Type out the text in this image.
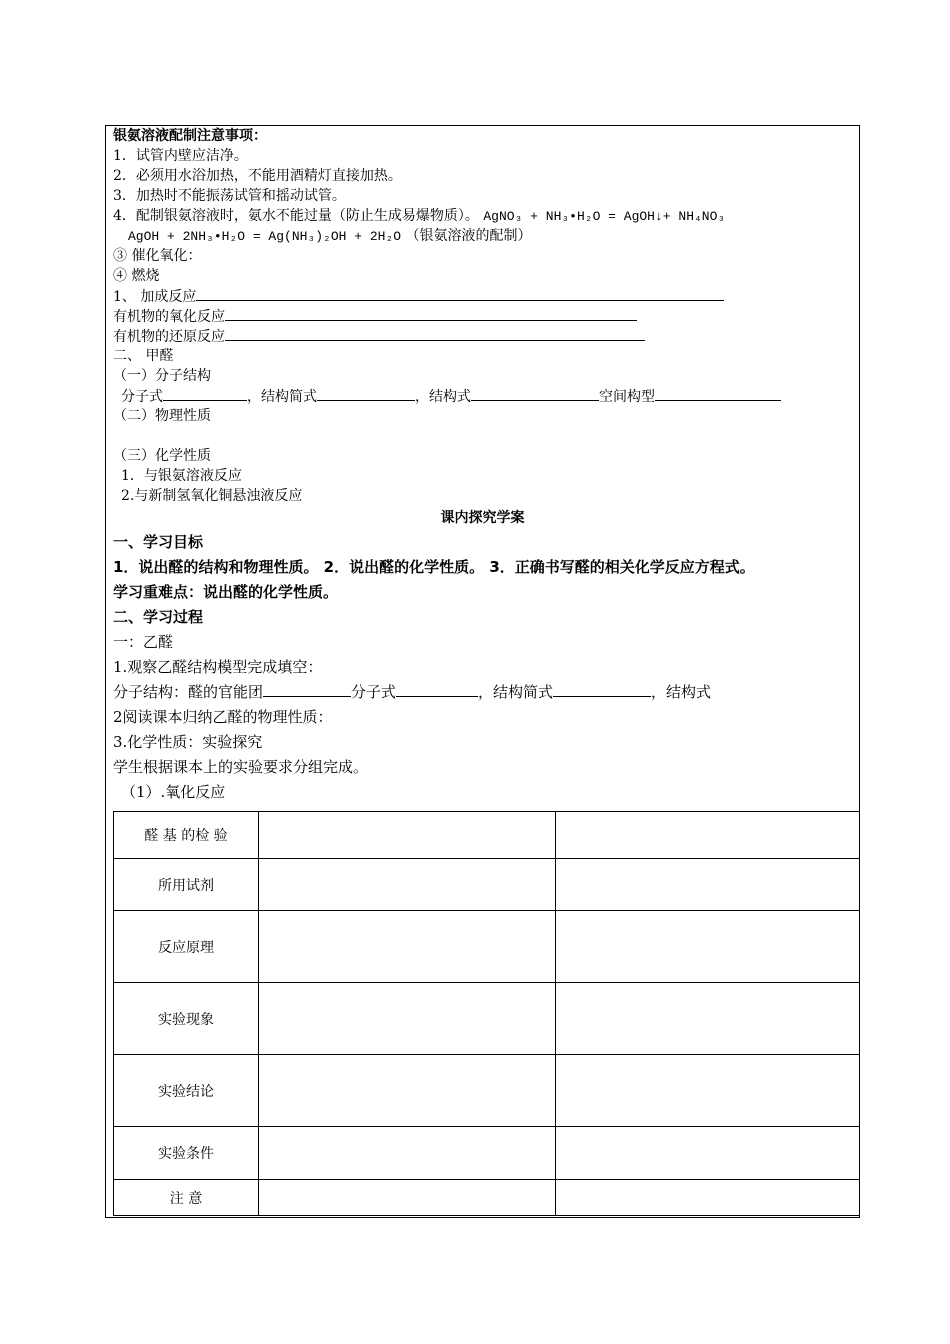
银氨溶液配制注意事项：
1．试管内壁应洁净。
2．必须用水浴加热，不能用酒精灯直接加热。
3．加热时不能振荡试管和摇动试管。
4．配制银氨溶液时，氨水不能过量（防止生成易爆物质）。 AgNO₃ + NH₃•H₂O = AgOH↓+ NH₄NO₃
AgOH + 2NH₃•H₂O = Ag(NH₃)₂OH + 2H₂O （银氨溶液的配制）
③ 催化氧化：
④ 燃烧
1、 加成反应
有机物的氧化反应
有机物的还原反应
二、 甲醛
（一）分子结构
分子式	，结构简式	，结构式	空间构型
（二）物理性质
（三）化学性质
1．与银氨溶液反应
2.与新制氢氧化铜悬浊液反应
课内探究学案
一、学习目标
1．说出醛的结构和物理性质。 2．说出醛的化学性质。 3．正确书写醛的相关化学反应方程式。
学习重难点：说出醛的化学性质。
二、学习过程
一：乙醛
1.观察乙醛结构模型完成填空：
分子结构：醛的官能团	分子式	，结构简式	，结构式
2阅读课本归纳乙醛的物理性质：
3.化学性质：实验探究
学生根据课本上的实验要求分组完成。
（1）.氧化反应
醛 基 的检 验		
所用试剂		
反应原理		
实验现象		
实验结论		
实验条件		
注 意		
